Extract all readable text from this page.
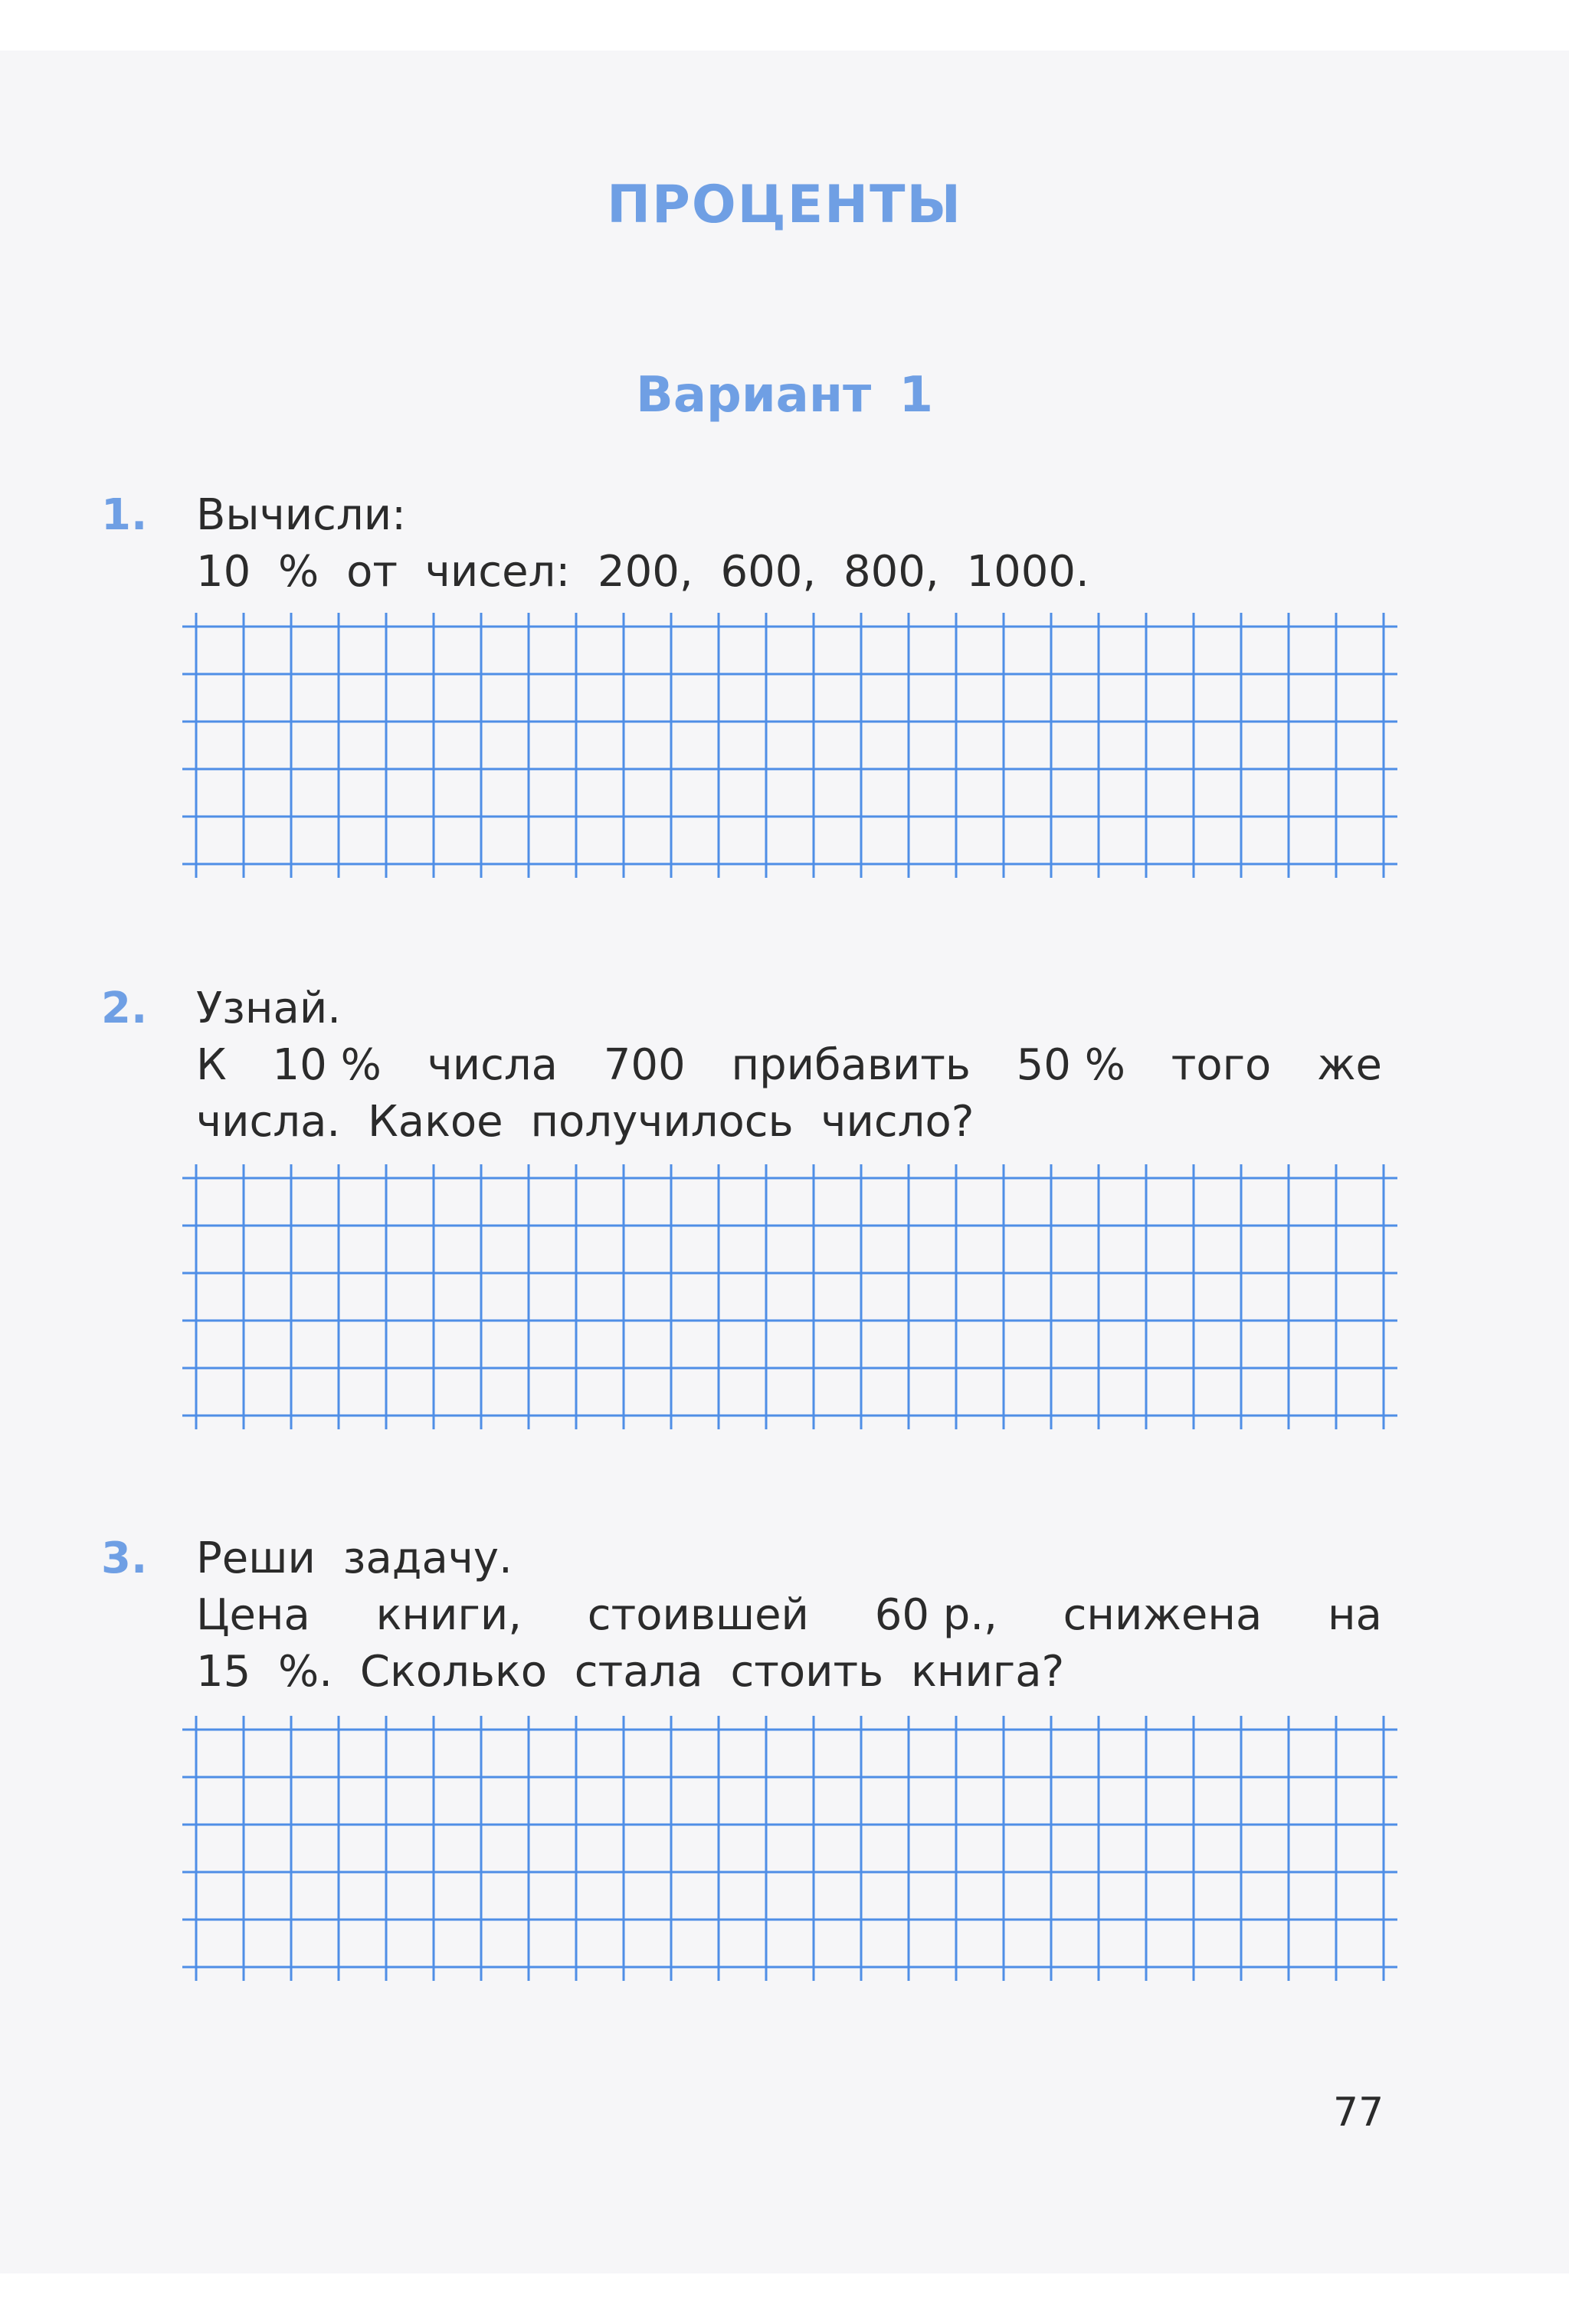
ПРОЦЕНТЫ
Вариант 1
1. Вычисли:
10 % от чисел: 200, 600, 800, 1000.
2. Узнай.
К 10 % числа 700 прибавить 50 % того же
числа. Какое получилось число?
3. Реши задачу.
Цена книги, стоившей 60 р., снижена на
15 %. Сколько стала стоить книга?
77
